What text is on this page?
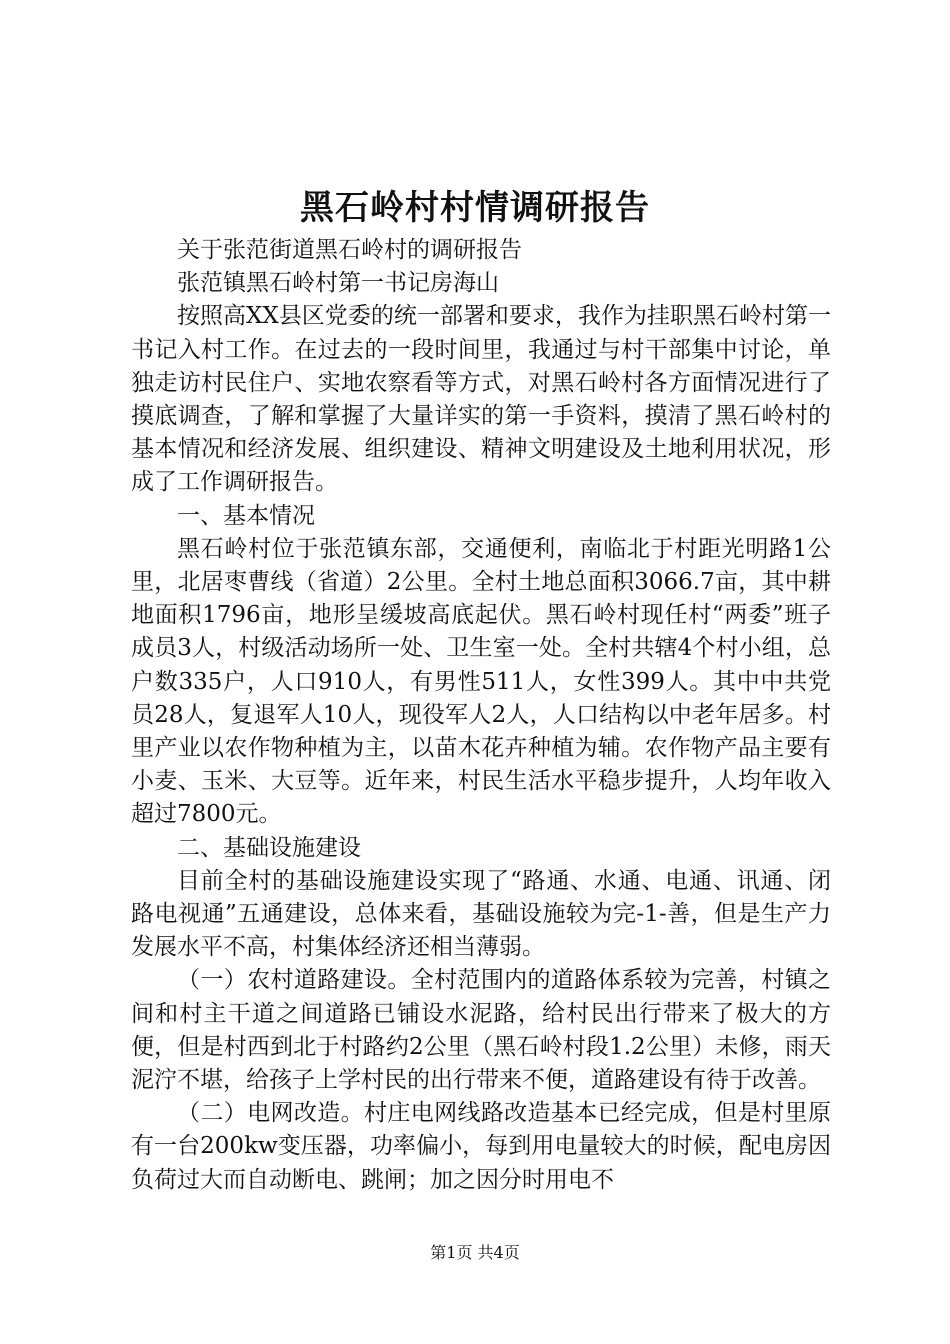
黑石岭村村情调研报告

关于张范街道黑石岭村的调研报告

张范镇黑石岭村第一书记房海山

按照高XX县区党委的统一部署和要求，我作为挂职黑石岭村第一书记入村工作。在过去的一段时间里，我通过与村干部集中讨论，单独走访村民住户、实地农察看等方式，对黑石岭村各方面情况进行了摸底调查，了解和掌握了大量详实的第一手资料，摸清了黑石岭村的基本情况和经济发展、组织建设、精神文明建设及土地利用状况，形成了工作调研报告。

一、基本情况

黑石岭村位于张范镇东部，交通便利，南临北于村距光明路1公里，北居枣曹线（省道）2公里。全村土地总面积3066.7亩，其中耕地面积1796亩，地形呈缓坡高底起伏。黑石岭村现任村“两委”班子成员3人，村级活动场所一处、卫生室一处。全村共辖4个村小组，总户数335户，人口910人，有男性511人，女性399人。其中中共党员28人，复退军人10人，现役军人2人，人口结构以中老年居多。村里产业以农作物种植为主，以苗木花卉种植为辅。农作物产品主要有小麦、玉米、大豆等。近年来，村民生活水平稳步提升，人均年收入超过7800元。

二、基础设施建设

目前全村的基础设施建设实现了“路通、水通、电通、讯通、闭路电视通”五通建设，总体来看，基础设施较为完-1-善，但是生产力发展水平不高，村集体经济还相当薄弱。

（一）农村道路建设。全村范围内的道路体系较为完善，村镇之间和村主干道之间道路已铺设水泥路，给村民出行带来了极大的方便，但是村西到北于村路约2公里（黑石岭村段1.2公里）未修，雨天泥泞不堪，给孩子上学村民的出行带来不便，道路建设有待于改善。

（二）电网改造。村庄电网线路改造基本已经完成，但是村里原有一台200kw变压器，功率偏小，每到用电量较大的时候，配电房因负荷过大而自动断电、跳闸；加之因分时用电不

第1页 共4页
